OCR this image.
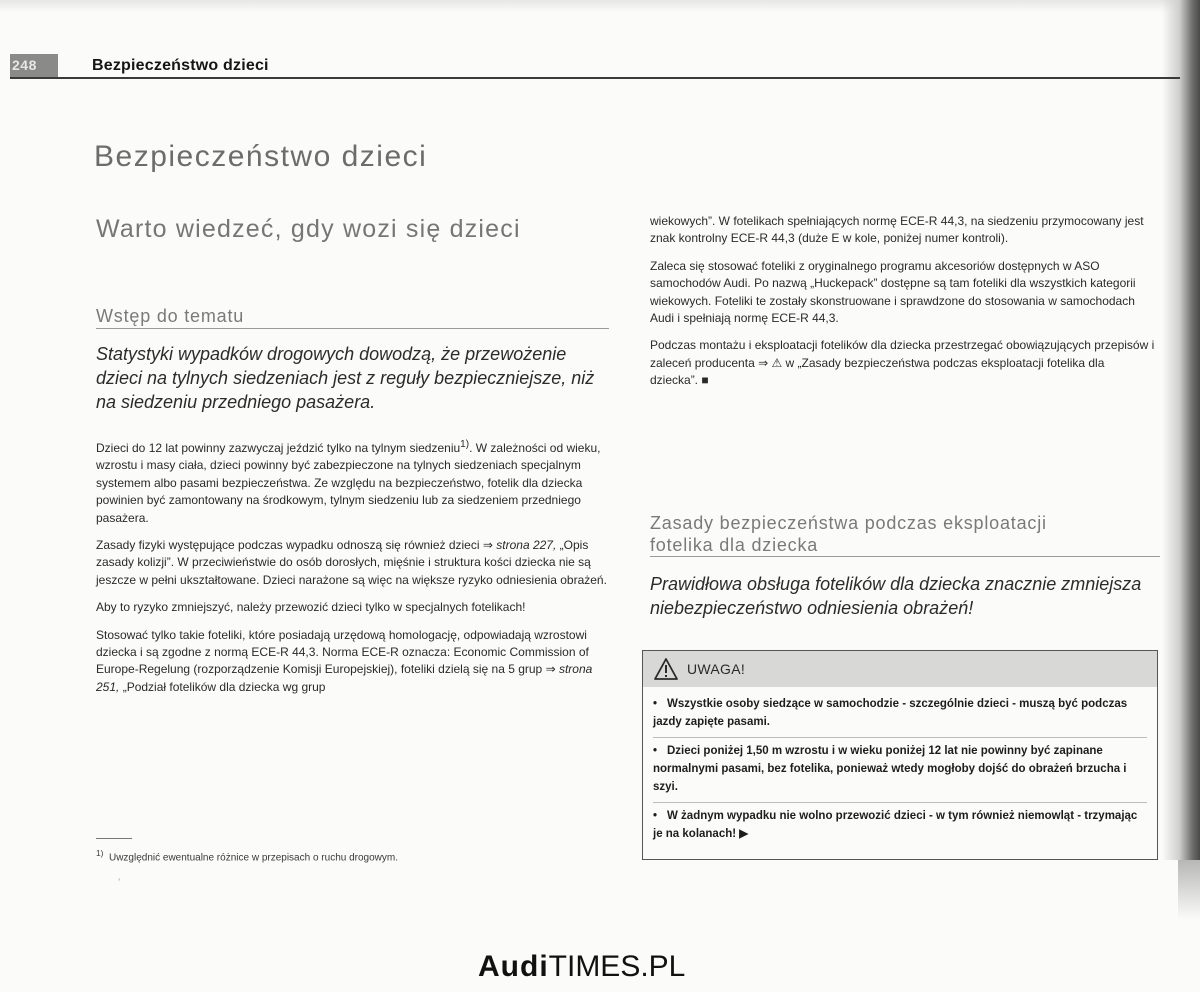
248	Bezpieczeństwo dzieci
Bezpieczeństwo dzieci
Warto wiedzeć, gdy wozi się dzieci
Wstęp do tematu
Statystyki wypadków drogowych dowodzą, że przewożenie dzieci na tylnych siedzeniach jest z reguły bezpieczniejsze, niż na siedzeniu przedniego pasażera.

Dzieci do 12 lat powinny zazwyczaj jeździć tylko na tylnym siedzeniu$^{1)}$. W zależności od wieku, wzrostu i masy ciała, dzieci powinny być zabezpieczone na tylnych siedzeniach specjalnym systemem albo pasami bezpieczeństwa. Ze względu na bezpieczeństwo, fotelik dla dziecka powinien być zamontowany na środkowym, tylnym siedzeniu lub za siedzeniem przedniego pasażera.

Zasady fizyki występujące podczas wypadku odnoszą się również dzieci ⇒ strona 227, „Opis zasady kolizji”. W przeciwieństwie do osób dorosłych, mięśnie i struktura kości dziecka nie są jeszcze w pełni ukształtowane. Dzieci narażone są więc na większe ryzyko odniesienia obrażeń.

Aby to ryzyko zmniejszyć, należy przewozić dzieci tylko w specjalnych fotelikach!

Stosować tylko takie foteliki, które posiadają urzędową homologację, odpowiadają wzrostowi dziecka i są zgodne z normą ECE-R 44,3. Norma ECE-R oznacza: Economic Commission of Europe-Regelung (rozporządzenie Komisji Europejskiej), foteliki dzielą się na 5 grup ⇒ strona 251, „Podział fotelików dla dziecka wg grup

$^{1)}$ Uwzględnić ewentualne różnice w przepisach o ruchu drogowym.
ʼ

wiekowych”. W fotelikach spełniających normę ECE-R 44,3, na siedzeniu przymocowany jest znak kontrolny ECE-R 44,3 (duże E w kole, poniżej numer kontroli).

Zaleca się stosować foteliki z oryginalnego programu akcesoriów dostępnych w ASO samochodów Audi. Po nazwą „Huckepack” dostępne są tam foteliki dla wszystkich kategorii wiekowych. Foteliki te zostały skonstruowane i sprawdzone do stosowania w samochodach Audi i spełniają normę ECE-R 44,3.

Podczas montażu i eksploatacji fotelików dla dziecka przestrzegać obowiązujących przepisów i zaleceń producenta ⇒ ⚠ w „Zasady bezpieczeństwa podczas eksploatacji fotelika dla dziecka”. ■

Zasady bezpieczeństwa podczas eksploatacji fotelika dla dziecka
Prawidłowa obsługa fotelików dla dziecka znacznie zmniejsza niebezpieczeństwo odniesienia obrażeń!
UWAGA!
• Wszystkie osoby siedzące w samochodzie - szczególnie dzieci - muszą być podczas jazdy zapięte pasami.
• Dzieci poniżej 1,50 m wzrostu i w wieku poniżej 12 lat nie powinny być zapinane normalnymi pasami, bez fotelika, ponieważ wtedy mogłoby dojść do obrażeń brzucha i szyi.
• W żadnym wypadku nie wolno przewozić dzieci - w tym również niemowląt - trzymając je na kolanach! ▶
AudiTIMES.PL
